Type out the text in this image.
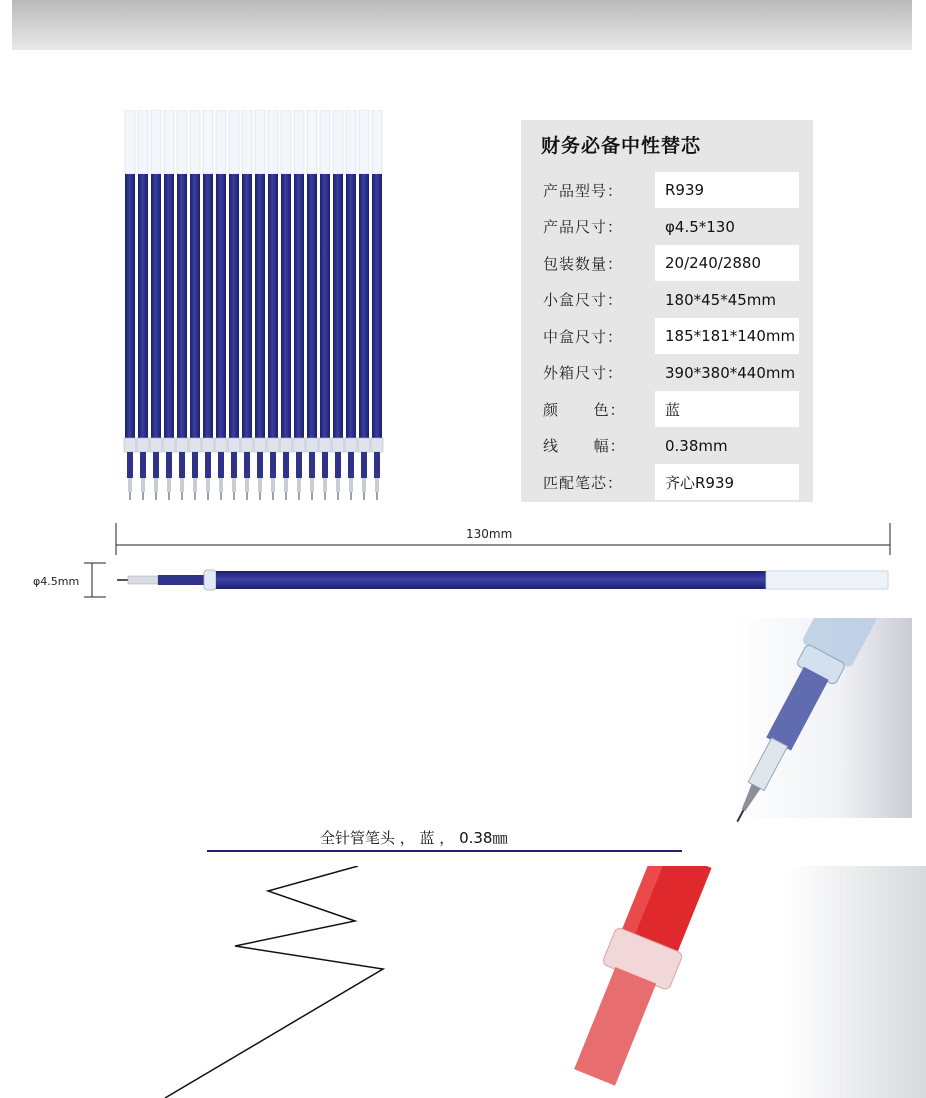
财务必备中性替芯
产品型号：	R939
产品尺寸：	φ4.5*130
包装数量：	20/240/2880
小盒尺寸：	180*45*45mm
中盒尺寸：	185*181*140mm
外箱尺寸：	390*380*440mm
颜      色：	蓝
线      幅：	0.38mm
匹配笔芯：	齐心R939
130mm
φ4.5mm
全针管笔头 ， 蓝 ， 0.38㎜
